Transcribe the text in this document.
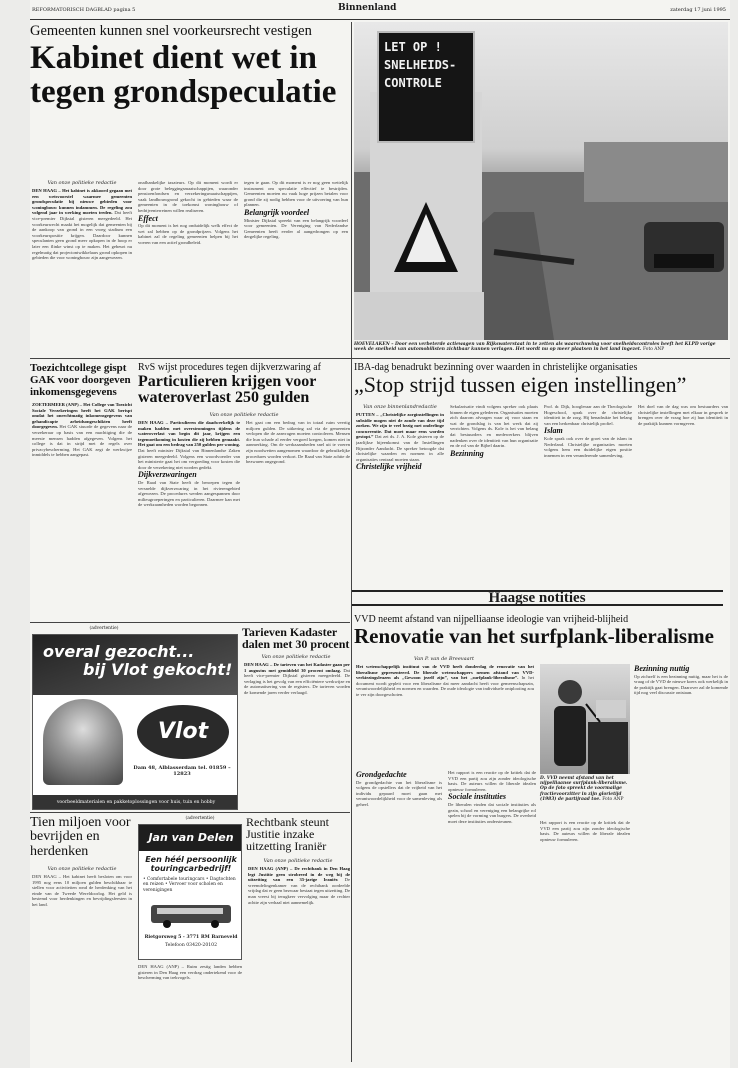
REFORMATORISCH DAGBLAD pagina 5	Binnenland	zaterdag 17 juni 1995
Gemeenten kunnen snel voorkeursrecht vestigen
Kabinet dient wet in tegen grondspeculatie
Van onze politieke redactie
DEN HAAG – Het kabinet is akkoord gegaan met een wetsvoorstel waarmee gemeenten grondspeculatie bij nieuwe gebieden voor woningbouw kunnen indammen. De regeling zou volgend jaar in werking moeten treden. Dat heeft vice-premier Dijkstal gisteren meegedeeld. Het voorkeursrecht maakt het mogelijk dat gemeenten bij de aankoop van grond in een vroeg stadium een voorkeurspositie krijgen. Daardoor kunnen speculanten geen grond meer opkopen in de hoop er later een flinke winst op te maken. Het gebeurt nu regelmatig dat projectontwikkelaars grond opkopen in gebieden die voor woningbouw zijn aangewezen.
onafhankelijke taxateurs. Op dit moment wordt er door grote beleggingsmaatschappijen, waaronder pensioenfondsen en verzekeringsmaatschappijen, vaak landbouwgrond gekocht in gebieden waar de gemeenten in de toekomst woningbouw of bedrijventerreinen willen realiseren.
Effect
Op dit moment is het nog onduidelijk welk effect de wet zal hebben op de grondprijzen. Volgens het kabinet zal de regeling gemeenten helpen bij het voeren van een actief grondbeleid.
tegen te gaan. Op dit moment is er nog geen wettelijk instrument om speculatie effectief te bestrijden. Gemeenten moeten nu vaak hoge prijzen betalen voor grond die zij nodig hebben voor de uitvoering van hun plannen.
Belangrijk voordeel
Minister Dijkstal spreekt van een belangrijk voordeel voor gemeenten. De Vereniging van Nederlandse Gemeenten heeft eerder al aangedrongen op een dergelijke regeling.
LET OP !
SNELHEIDS-
CONTROLE
HOEVELAKEN – Door een verbeterde actiewagen van Rijkswaterstaat in te zetten als waarschuwing voor snelheidscontroles heeft het KLPD vorige week de snelheid van automobilisten zichtbaar kunnen verlagen. Het wordt nu op meer plaatsen in het land ingezet. Foto ANP
Toezichtcollege gispt GAK voor doorgeven inkomensgegevens
ZOETERMEER (ANP) – Het College van Toezicht Sociale Verzekeringen heeft het GAK berispt omdat het onrechtmatig inkomensgegevens van gehandicapte arbeidsongeschikten heeft doorgegeven. Het GAK stuurde de gegevens naar de verzekeraar op basis van een machtiging die de meeste mensen hadden afgegeven. Volgens het college is dat in strijd met de regels over privacybescherming. Het GAK zegt de werkwijze inmiddels te hebben aangepast.
RvS wijst procedures tegen dijkverzwaring af
Particulieren krijgen voor wateroverlast 250 gulden
Van onze politieke redactie
DEN HAAG – Particulieren die daadwerkelijk te maken hadden met overstromingen tijdens de wateroverlast van begin dit jaar, krijgen een tegemoetkoming in kosten die zij hebben gemaakt. Het gaat om een bedrag van 250 gulden per woning. Dat heeft minister Dijkstal van Binnenlandse Zaken gisteren meegedeeld. Volgens een woordvoerder van het ministerie gaat het om vergoeding voor kosten die door de verzekering niet worden gedekt.
Dijkverzwaringen
De Raad van State heeft de beroepen tegen de versnelde dijkverzwaring in het rivierengebied afgewezen. De procedures werden aangespannen door milieugroeperingen en particulieren. Daarmee kan met de werkzaamheden worden begonnen.
Het gaat om een bedrag van in totaal ruim veertig miljoen gulden. De uitkering zal via de gemeenten verlopen die de aanvragen moeten controleren. Mensen die hun schade al eerder vergoed kregen, komen niet in aanmerking. Om de werkzaamheden snel uit te voeren zijn noodwetten aangenomen waardoor de gebruikelijke procedures worden verkort. De Raad van State achtte de bezwaren ongegrond.
IBA-dag benadrukt bezinning over waarden in christelijke organisaties
„Stop strijd tussen eigen instellingen”
Van onze binnenlandredactie
PUTTEN – „Christelijke zorginstellingen in subsidie mogen niet de zonde van deze tijd zoeken. We zijn te veel bezig met onderlinge concurrentie. Dat moet maar eens worden gestopt.” Dat zei ds. J. A. Kole gisteren op de jaarlijkse bijeenkomst van de Instellingen Bijzonder Aandacht. De spreker betoogde dat christelijke waarden en normen in alle organisaties centraal moeten staan.
Christelijke vrijheid
Sekularisatie vindt volgens spreker ook plaats binnen de eigen gelederen. Organisaties moeten zich daarom afvragen waar zij voor staan en wat de grondslag is van het werk dat zij verrichten. Volgens ds. Kole is het van belang dat bestuurders en medewerkers blijven nadenken over de identiteit van hun organisatie en de rol van de Bijbel daarin.
Bezinning
Prof. dr. Dijk, hoogleraar aan de Theologische Hogeschool, sprak over de christelijke identiteit in de zorg. Hij benadrukte het belang van een herkenbaar christelijk profiel.
Islam
Kole sprak ook over de groei van de islam in Nederland. Christelijke organisaties moeten volgens hem een duidelijke eigen positie innemen in een veranderende samenleving.
Het doel van de dag was om bestuurders van christelijke instellingen met elkaar in gesprek te brengen over de vraag hoe zij hun identiteit in de praktijk kunnen vormgeven.
Haagse notities
(advertentie)
overal gezocht...
bij Vlot gekocht!
Vlot
Dam 48, Alblasserdam tel. 01859 – 12823
voorbeeldmaterialen en pakketoplossingen voor huis, tuin en hobby
Tarieven Kadaster dalen met 30 procent
Van onze politieke redactie
DEN HAAG – De tarieven van het Kadaster gaan per 1 augustus met gemiddeld 30 procent omlaag. Dat heeft vice-premier Dijkstal gisteren meegedeeld. De verlaging is het gevolg van een efficiëntere werkwijze en de automatisering van de registers. De tarieven worden de komende jaren verder verlaagd.
Tien miljoen voor bevrijden en herdenken
Van onze politieke redactie
DEN HAAG – Het kabinet heeft besloten om voor 1995 nog eens 10 miljoen gulden beschikbaar te stellen voor activiteiten rond de herdenking van het einde van de Tweede Wereldoorlog. Het geld is bestemd voor herdenkingen en bevrijdingsfeesten in het land.
(advertentie)
Jan van Delen
Een héél persoonlijk touringcarbedrijf!
• Comfortabele touringcars • Dagtochten en reizen • Vervoer voor scholen en verenigingen
Rietgorsweg 5 - 3771 RM Barneveld
Telefoon 03420-20102
DEN HAAG (ANP) – Ruim zestig landen hebben gisteren in Den Haag een verdrag ondertekend voor de bescherming van trekvogels.
Rechtbank steunt Justitie inzake uitzetting Iraniër
Van onze politieke redactie
DEN HAAG (ANP) – De rechtbank in Den Haag legt Justitie geen strobreed in de weg bij de uitzetting van een 35-jarige Iraniër. De vreemdelingenkamer van de rechtbank oordeelde vrijdag dat er geen bezwaar bestaat tegen uitzetting. De man vreest bij terugkeer vervolging maar de rechter achtte zijn verhaal niet aannemelijk.
VVD neemt afstand van nijpelliaanse ideologie van vrijheid-blijheid
Renovatie van het surfplank-liberalisme
Van P. van de Breevaart
Het wetenschappelijk instituut van de VVD heeft donderdag de renovatie van het liberalisme gepresenteerd. De liberale wetenschappers nemen afstand van VVD-verkiezingsleuzen als „Gewoon jezelf zijn”, van het „surfplank-liberalisme”. In het document wordt gepleit voor een liberalisme dat meer aandacht heeft voor gemeenschapszin, verantwoordelijkheid en normen en waarden. De oude ideologie van individuele ontplooiing zou te ver zijn doorgeschoten.
Grondgedachte
De grondgedachte van het liberalisme is volgens de opstellers dat de vrijheid van het individu gepaard moet gaan met verantwoordelijkheid voor de samenleving als geheel.
Het rapport is een reactie op de kritiek dat de VVD een partij zou zijn zonder ideologische basis. De auteurs willen de liberale idealen opnieuw formuleren.
Sociale instituties
De liberalen vinden dat sociale instituties als gezin, school en vereniging een belangrijke rol spelen bij de vorming van burgers. De overheid moet deze instituties ondersteunen.
Bezinning nuttig
Op zichzelf is een bezinning nuttig, maar het is de vraag of de VVD de nieuwe koers ook werkelijk in de praktijk gaat brengen. Daarover zal de komende tijd nog veel discussie ontstaan.
D. VVD neemt afstand van het nijpelliaanse surfplank-liberalisme. Op de foto spreekt de voormalige fractievoorzitter in zijn glorietijd (1983) de partijraad toe. Foto ANP
Het rapport is een reactie op de kritiek dat de VVD een partij zou zijn zonder ideologische basis. De auteurs willen de liberale idealen opnieuw formuleren.
